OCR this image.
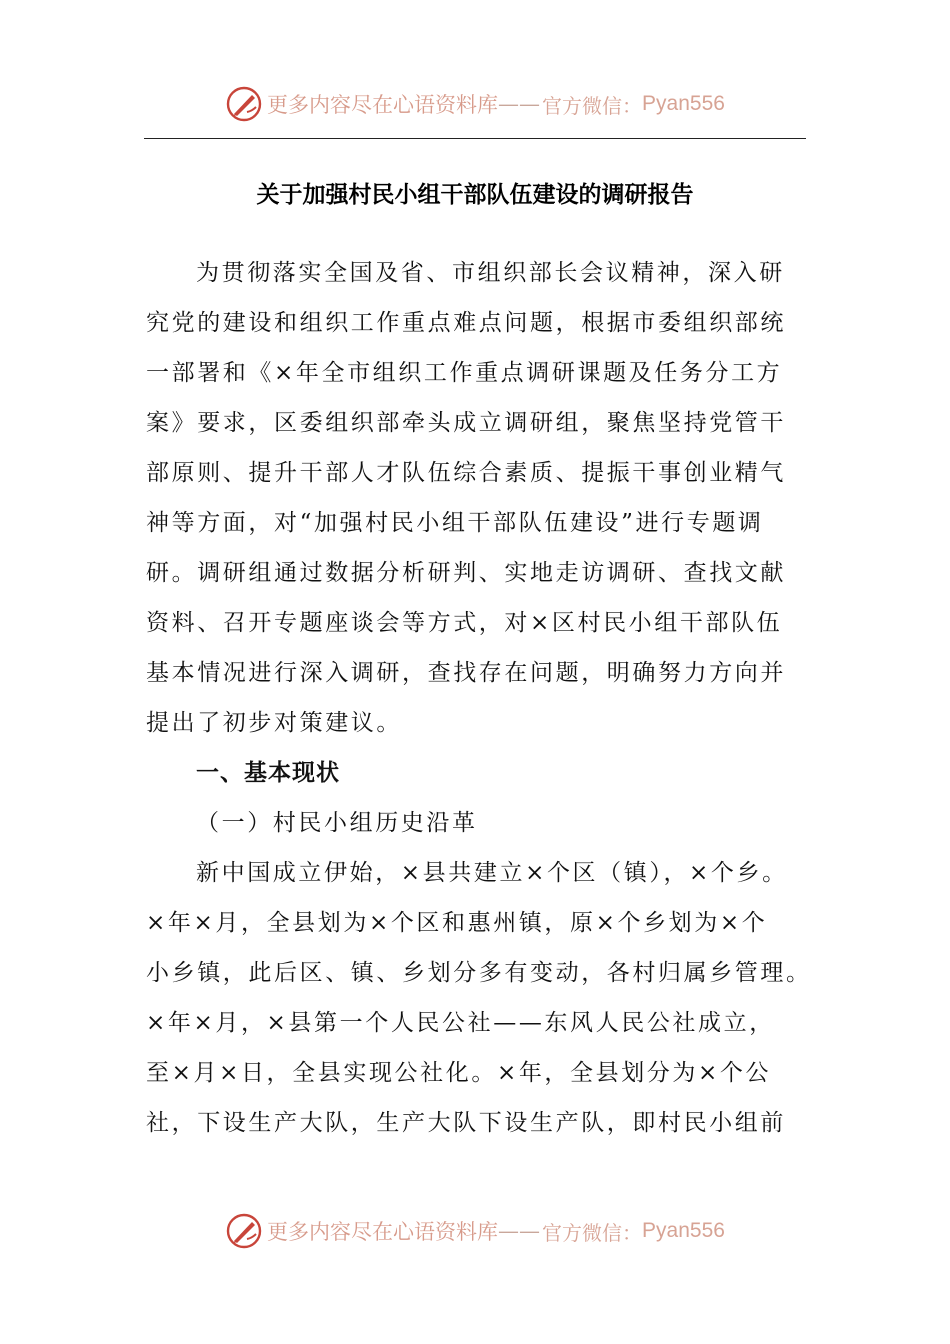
更多内容尽在心语资料库 —— 官方微信： Pyan556
关于加强村民小组干部队伍建设的调研报告
为贯彻落实全国及省、市组织部长会议精神，深入研
究党的建设和组织工作重点难点问题，根据市委组织部统
一部署和《×年全市组织工作重点调研课题及任务分工方
案》要求，区委组织部牵头成立调研组，聚焦坚持党管干
部原则、提升干部人才队伍综合素质、提振干事创业精气
神等方面，对“加强村民小组干部队伍建设”进行专题调
研。调研组通过数据分析研判、实地走访调研、查找文献
资料、召开专题座谈会等方式，对×区村民小组干部队伍
基本情况进行深入调研，查找存在问题，明确努力方向并
提出了初步对策建议。
一、基本现状
（一）村民小组历史沿革
新中国成立伊始，×县共建立×个区（镇），×个乡。
×年×月，全县划为×个区和惠州镇，原×个乡划为×个
小乡镇，此后区、镇、乡划分多有变动，各村归属乡管理。
×年×月，×县第一个人民公社——东风人民公社成立，
至×月×日，全县实现公社化。×年，全县划分为×个公
社，下设生产大队，生产大队下设生产队，即村民小组前
更多内容尽在心语资料库 —— 官方微信： Pyan556
